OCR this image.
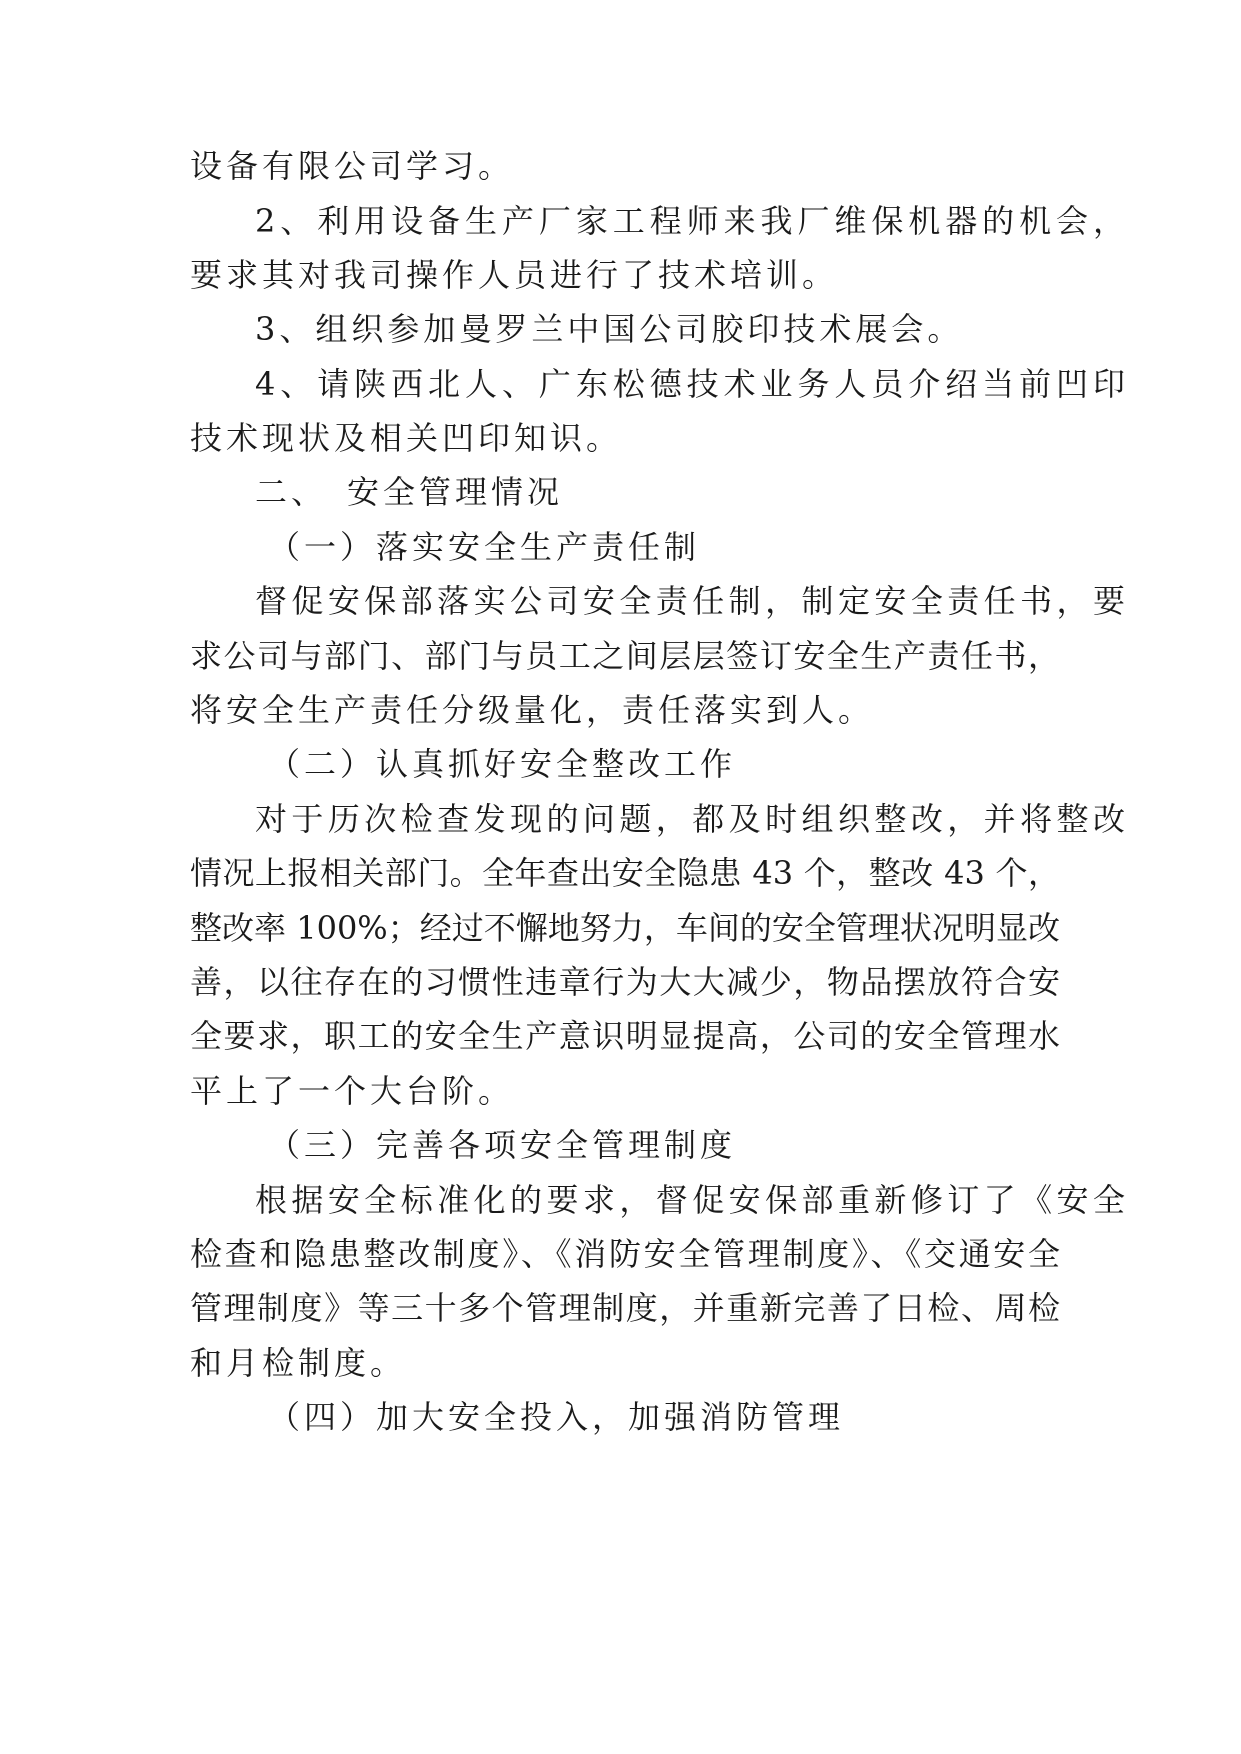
设备有限公司学习。
2、利用设备生产厂家工程师来我厂维保机器的机会，
要求其对我司操作人员进行了技术培训。
3、组织参加曼罗兰中国公司胶印技术展会。
4、请陕西北人、广东松德技术业务人员介绍当前凹印
技术现状及相关凹印知识。
二、　安全管理情况
（一）落实安全生产责任制
督促安保部落实公司安全责任制，制定安全责任书，要
求公司与部门、部门与员工之间层层签订安全生产责任书，
将安全生产责任分级量化，责任落实到人。
（二）认真抓好安全整改工作
对于历次检查发现的问题，都及时组织整改，并将整改
情况上报相关部门。全年查出安全隐患 43 个，整改 43 个，
整改率 100%；经过不懈地努力，车间的安全管理状况明显改
善，以往存在的习惯性违章行为大大减少，物品摆放符合安
全要求，职工的安全生产意识明显提高，公司的安全管理水
平上了一个大台阶。
（三）完善各项安全管理制度
根据安全标准化的要求，督促安保部重新修订了《安全
检查和隐患整改制度》、《消防安全管理制度》、《交通安全
管理制度》等三十多个管理制度，并重新完善了日检、周检
和月检制度。
（四）加大安全投入，加强消防管理
